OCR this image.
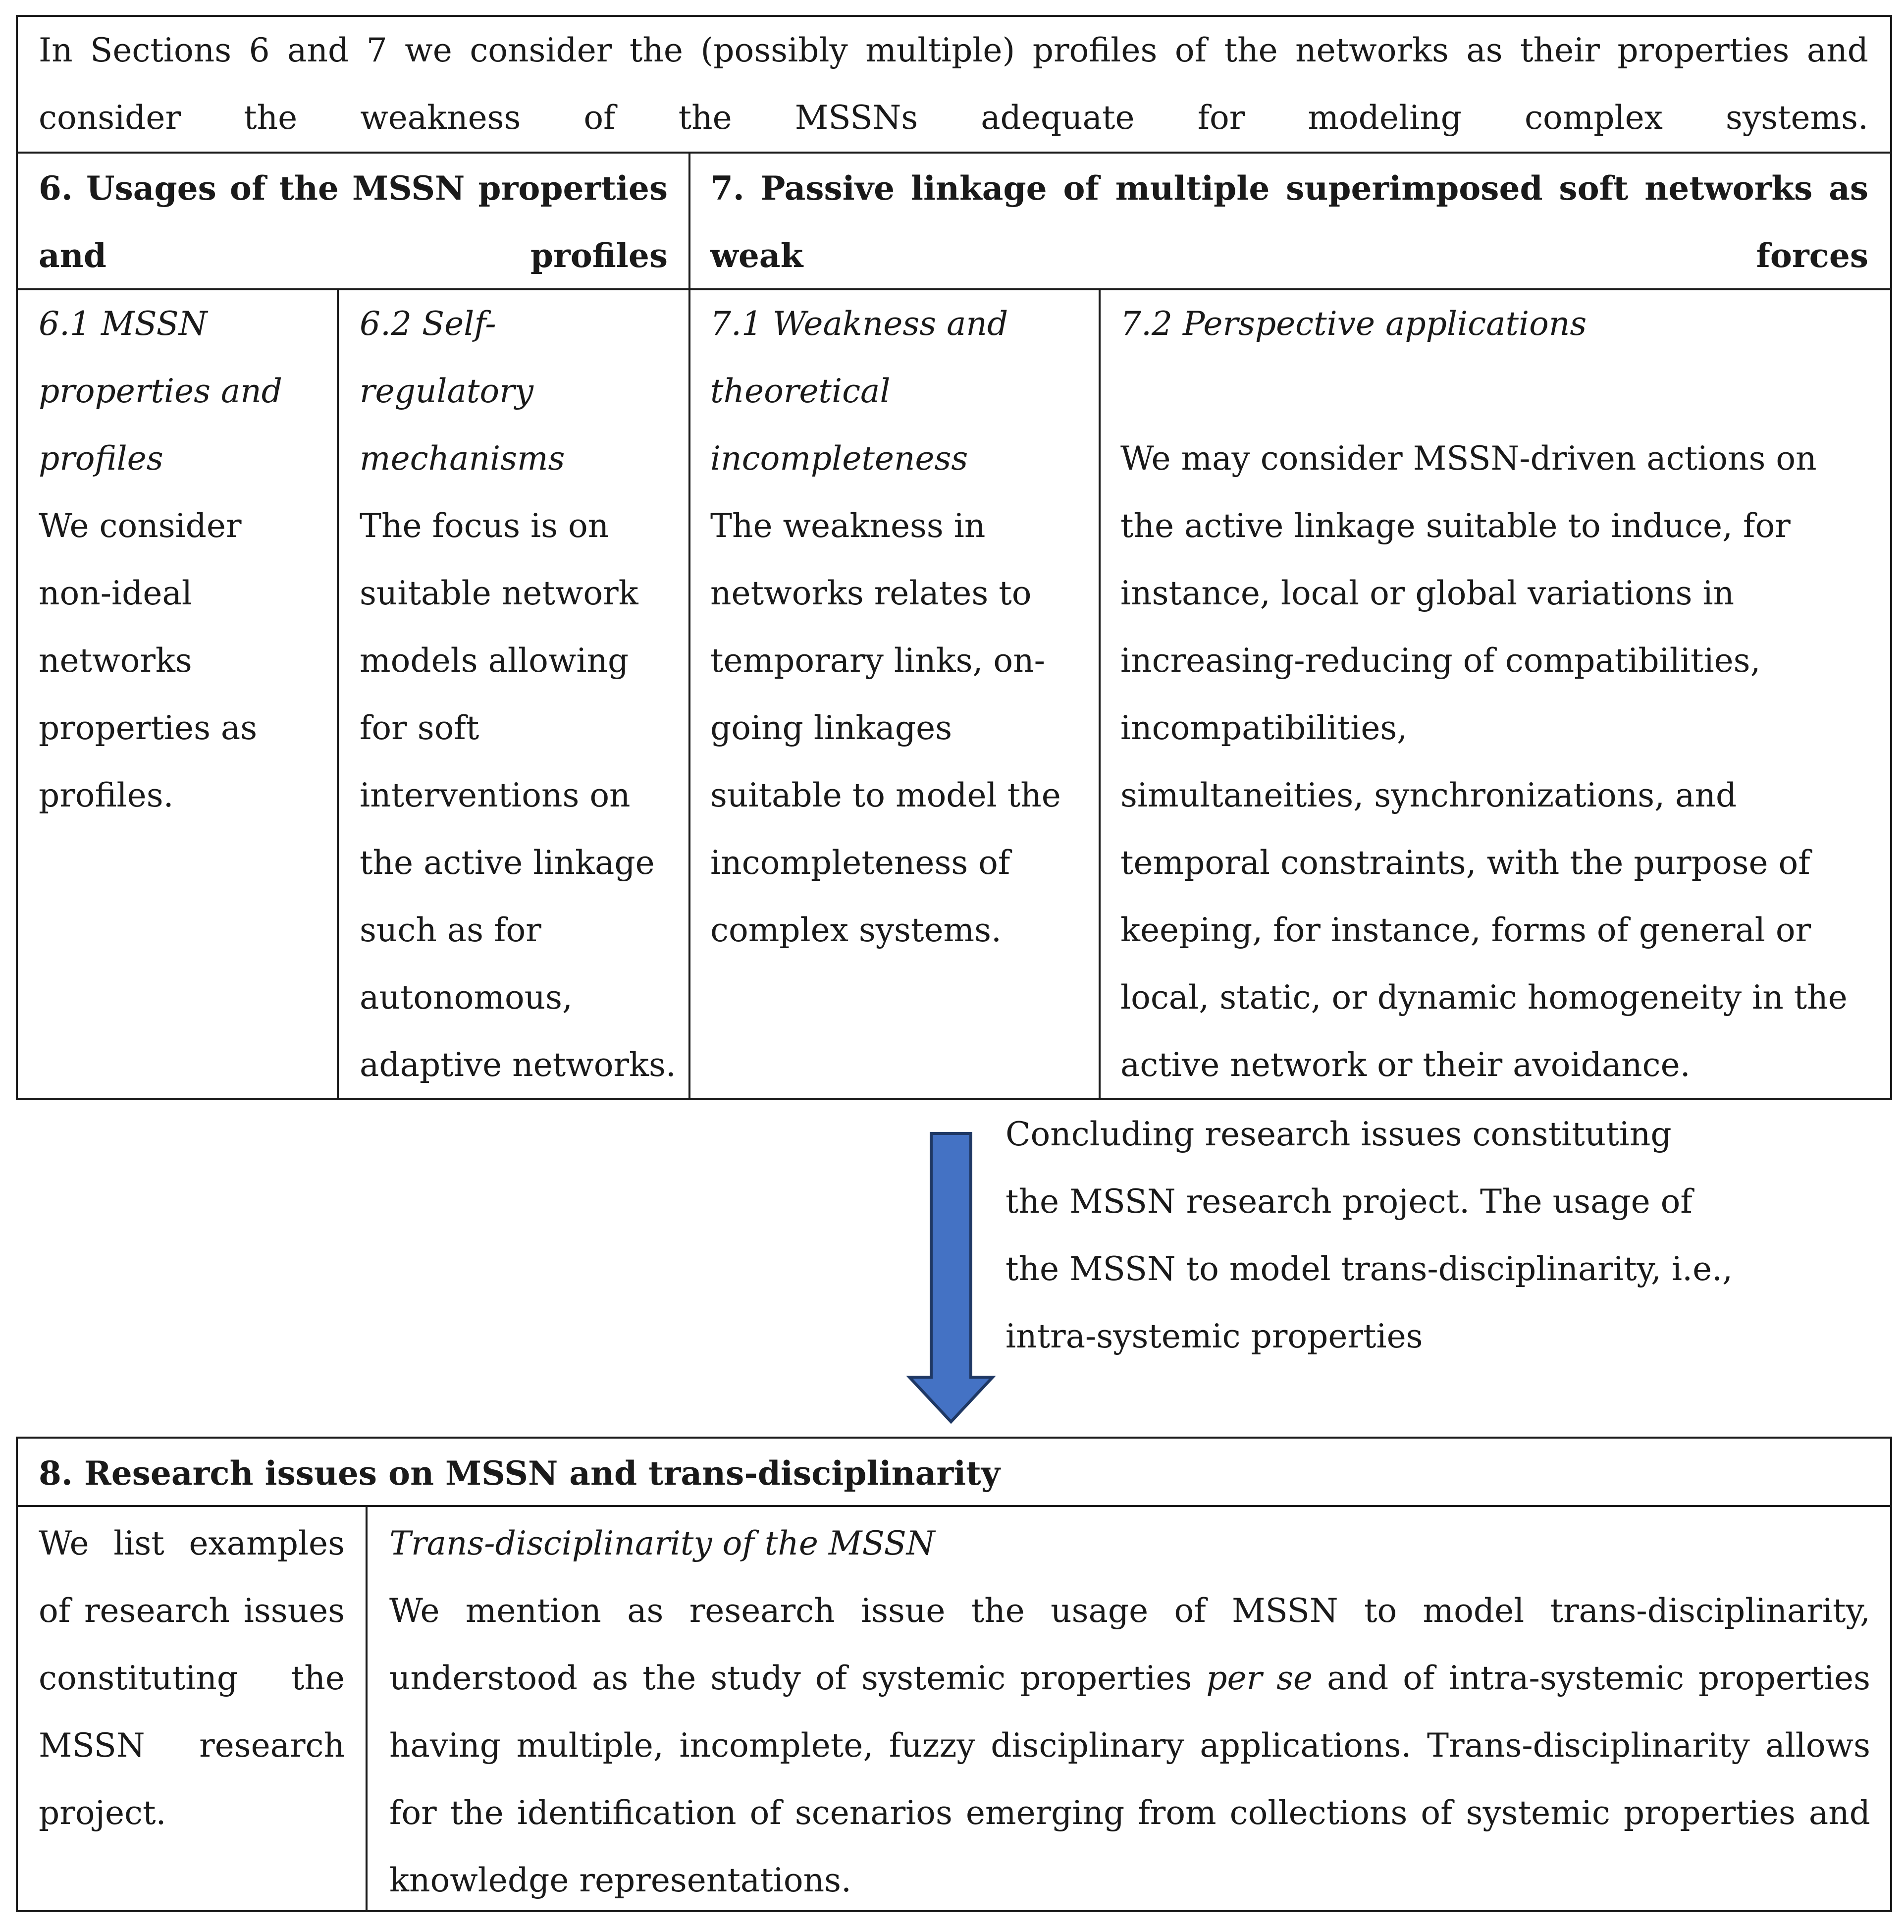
In Sections 6 and 7 we consider the (possibly multiple) profiles of the networks as their properties and consider the weakness of the MSSNs adequate for modeling complex systems.
6. Usages of the MSSN properties and profiles
7. Passive linkage of multiple superimposed soft networks as weak forces
6.1 MSSN properties and profiles
We consider non-ideal networks properties as profiles.
6.2 Self-regulatory mechanisms
The focus is on suitable network models allowing for soft interventions on the active linkage such as for autonomous, adaptive networks.
7.1 Weakness and theoretical incompleteness
The weakness in networks relates to temporary links, on-going linkages suitable to model the incompleteness of complex systems.
7.2 Perspective applications
We may consider MSSN-driven actions on the active linkage suitable to induce, for instance, local or global variations in increasing-reducing of compatibilities, incompatibilities,
simultaneities, synchronizations, and temporal constraints, with the purpose of keeping, for instance, forms of general or local, static, or dynamic homogeneity in the active network or their avoidance.
Concluding research issues constituting the MSSN research project. The usage of the MSSN to model trans-disciplinarity, i.e., intra-systemic properties
8. Research issues on MSSN and trans-disciplinarity
We list examples of research issues constituting the MSSN research project.
Trans-disciplinarity of the MSSN
We mention as research issue the usage of MSSN to model trans-disciplinarity, understood as the study of systemic properties per se and of intra-systemic properties having multiple, incomplete, fuzzy disciplinary applications. Trans-disciplinarity allows for the identification of scenarios emerging from collections of systemic properties and knowledge representations.
